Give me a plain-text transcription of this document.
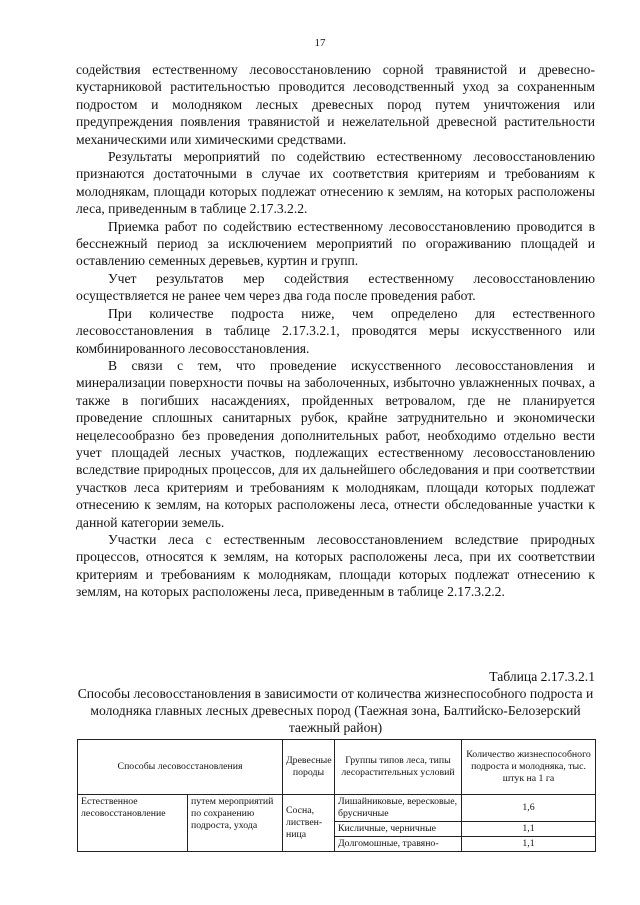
17

содействия естественному лесовосстановлению сорной травянистой и древесно-кустарниковой растительностью проводится лесоводственный уход за сохраненным подростом и молодняком лесных древесных пород путем уничтожения или предупреждения появления травянистой и нежелательной древесной растительности механическими или химическими средствами.

Результаты мероприятий по содействию естественному лесовосстановлению признаются достаточными в случае их соответствия критериям и требованиям к молоднякам, площади которых подлежат отнесению к землям, на которых расположены леса, приведенным в таблице 2.17.3.2.2.

Приемка работ по содействию естественному лесовосстановлению проводится в бесснежный период за исключением мероприятий по огораживанию площадей и оставлению семенных деревьев, куртин и групп.

Учет результатов мер содействия естественному лесовосстановлению осуществляется не ранее чем через два года после проведения работ.

При количестве подроста ниже, чем определено для естественного лесовосстановления в таблице 2.17.3.2.1, проводятся меры искусственного или комбинированного лесовосстановления.

В связи с тем, что проведение искусственного лесовосстановления и минерализации поверхности почвы на заболоченных, избыточно увлажненных почвах, а также в погибших насаждениях, пройденных ветровалом, где не планируется проведение сплошных санитарных рубок, крайне затруднительно и экономически нецелесообразно без проведения дополнительных работ, необходимо отдельно вести учет площадей лесных участков, подлежащих естественному лесовосстановлению вследствие природных процессов, для их дальнейшего обследования и при соответствии участков леса критериям и требованиям к молоднякам, площади которых подлежат отнесению к землям, на которых расположены леса, отнести обследованные участки к данной категории земель.

Участки леса с естественным лесовосстановлением вследствие природных процессов, относятся к землям, на которых расположены леса, при их соответствии критериям и требованиям к молоднякам, площади которых подлежат отнесению к землям, на которых расположены леса, приведенным в таблице 2.17.3.2.2.

Таблица 2.17.3.2.1
Способы лесовосстановления в зависимости от количества жизнеспособного подроста и молодняка главных лесных древесных пород (Таежная зона, Балтийско-Белозерский таежный район)
Способы лесовосстановления		Древесные породы	Группы типов леса, типы лесорастительных условий	Количество жизнеспособного подроста и молодняка, тыс. штук на 1 га
Естественное лесовосстановление	путем мероприятий по сохранению подроста, ухода	Сосна, листвен-ница	Лишайниковые, вересковые, брусничные	1,6
			Кисличные, черничные	1,1
			Долгомошные, травяно-	1,1
